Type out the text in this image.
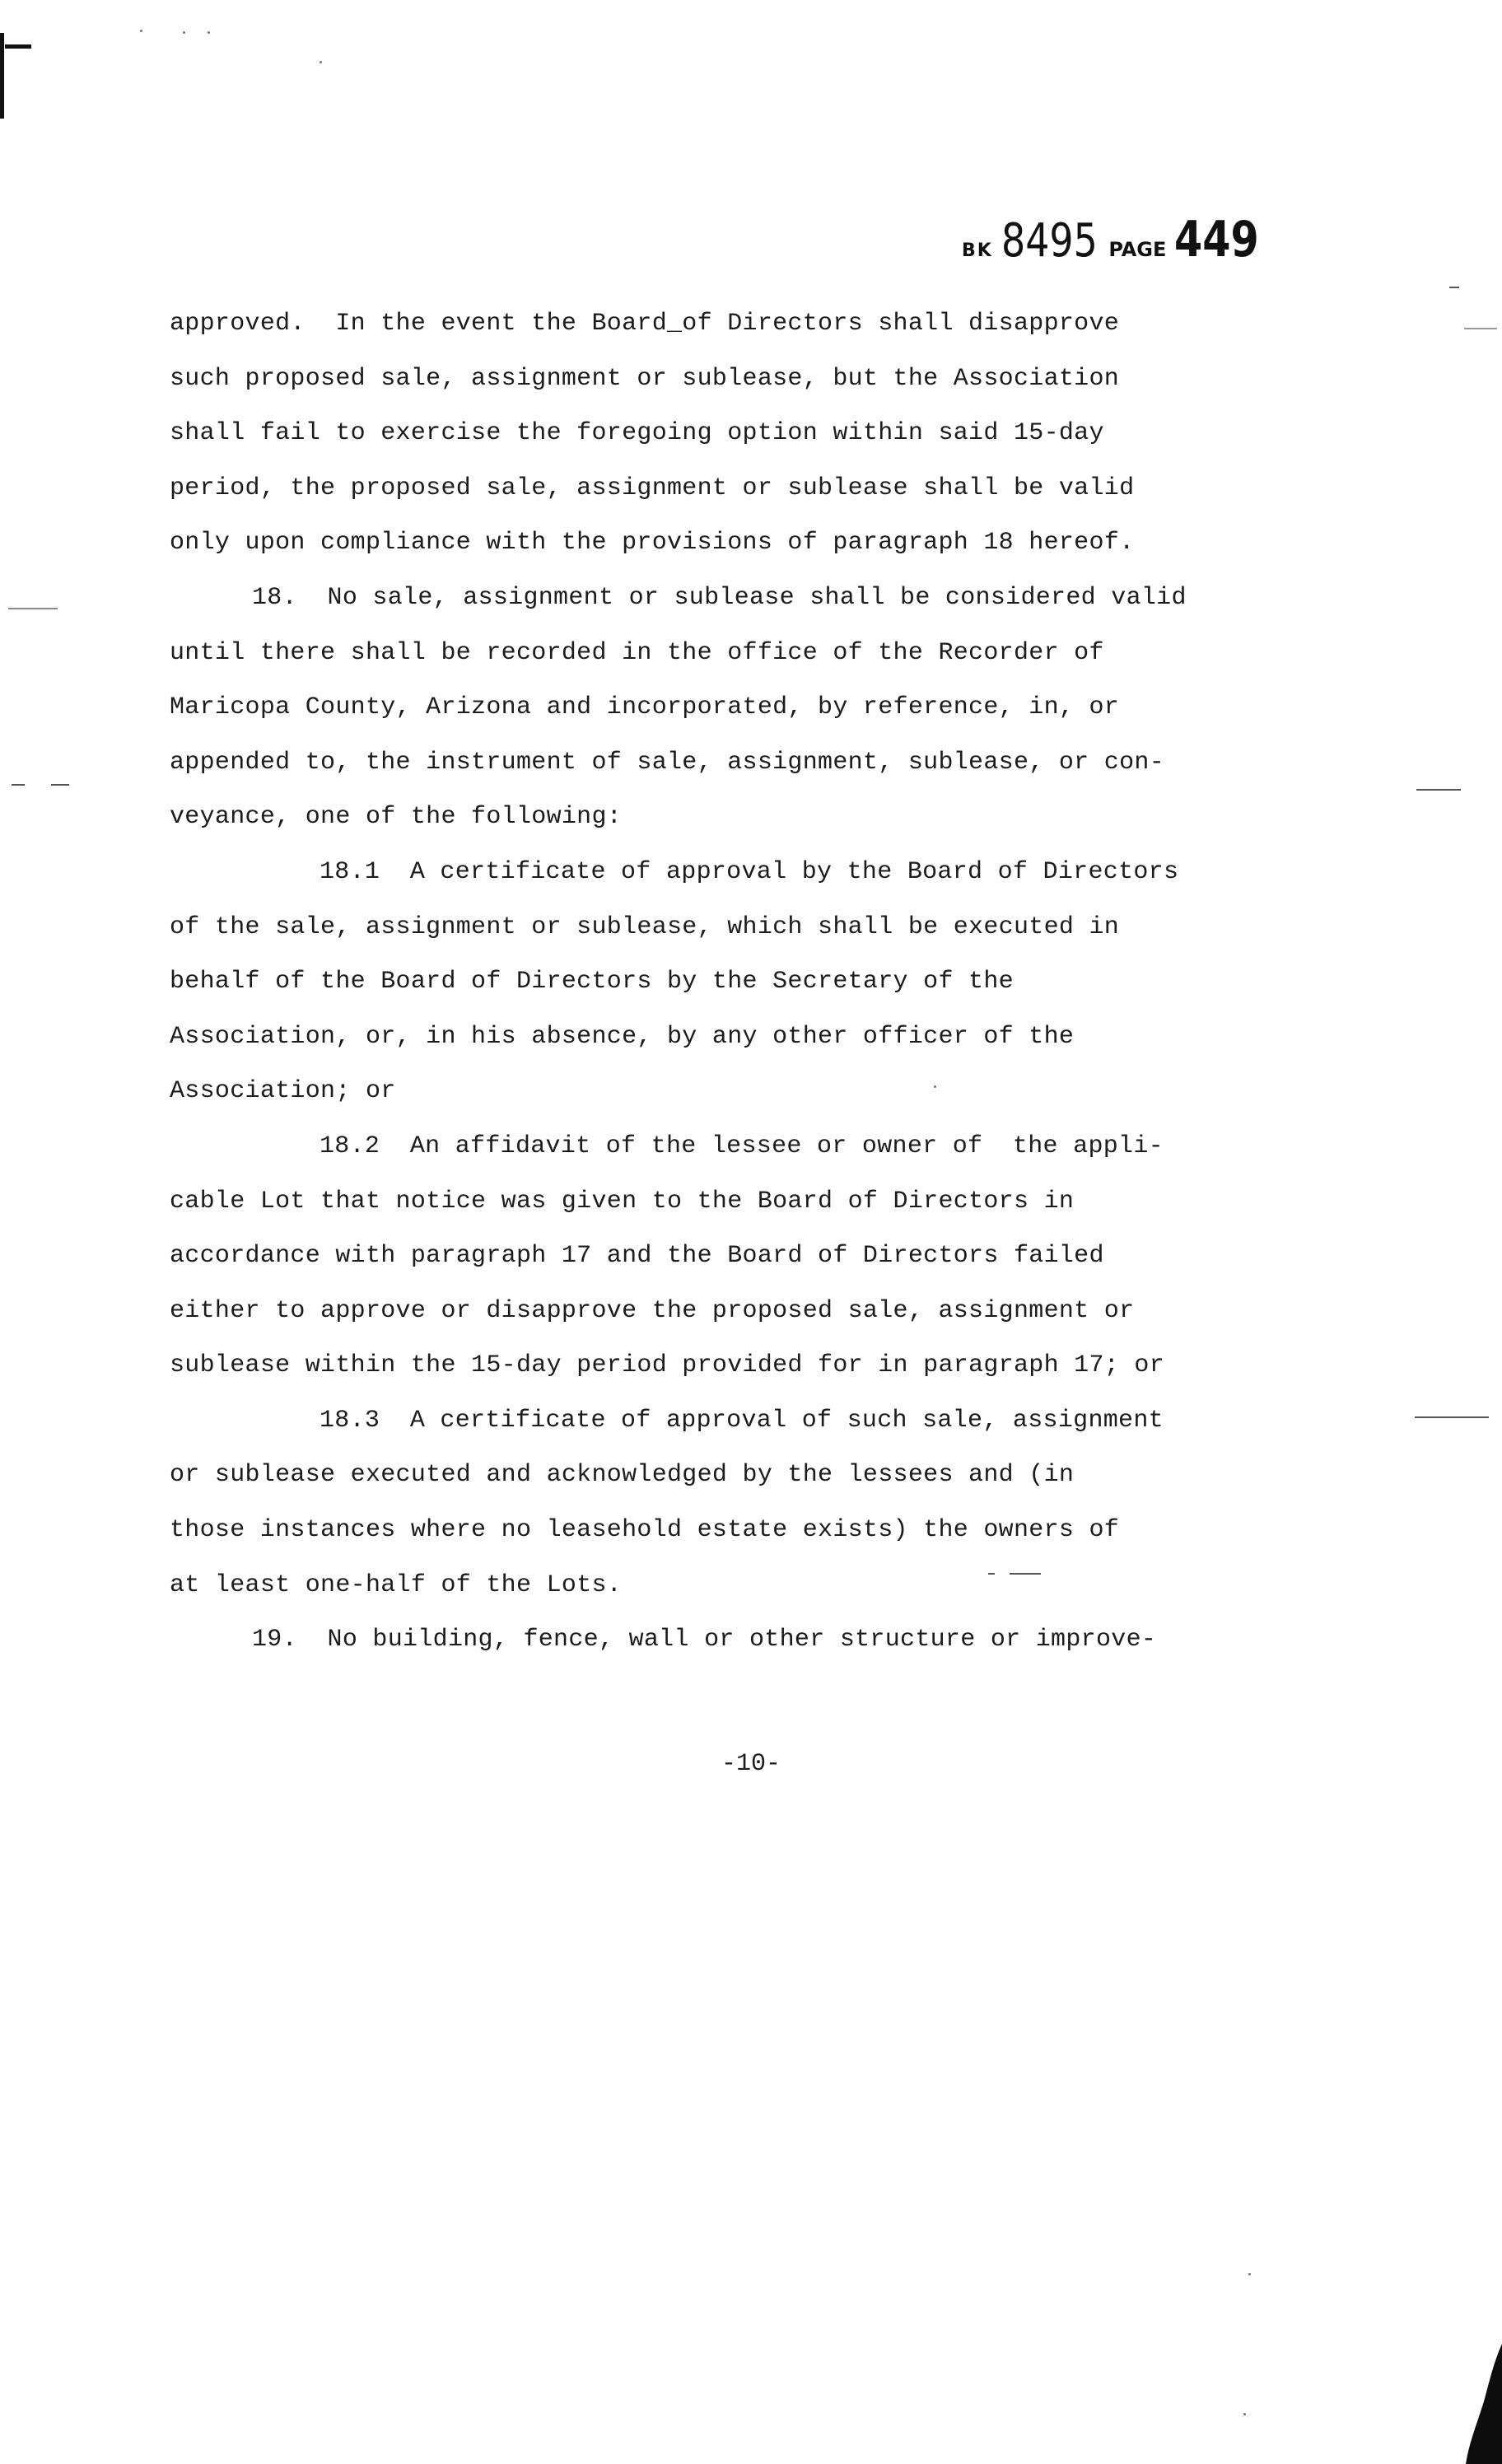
BK 8495 PAGE 449
approved.  In the event the Board_of Directors shall disapprove
such proposed sale, assignment or sublease, but the Association
shall fail to exercise the foregoing option within said 15-day
period, the proposed sale, assignment or sublease shall be valid
only upon compliance with the provisions of paragraph 18 hereof.
18.  No sale, assignment or sublease shall be considered valid
until there shall be recorded in the office of the Recorder of
Maricopa County, Arizona and incorporated, by reference, in, or
appended to, the instrument of sale, assignment, sublease, or con-
veyance, one of the following:
18.1  A certificate of approval by the Board of Directors
of the sale, assignment or sublease, which shall be executed in
behalf of the Board of Directors by the Secretary of the
Association, or, in his absence, by any other officer of the
Association; or
18.2  An affidavit of the lessee or owner of  the appli-
cable Lot that notice was given to the Board of Directors in
accordance with paragraph 17 and the Board of Directors failed
either to approve or disapprove the proposed sale, assignment or
sublease within the 15-day period provided for in paragraph 17; or
18.3  A certificate of approval of such sale, assignment
or sublease executed and acknowledged by the lessees and (in
those instances where no leasehold estate exists) the owners of
at least one-half of the Lots.
19.  No building, fence, wall or other structure or improve-
-10-
